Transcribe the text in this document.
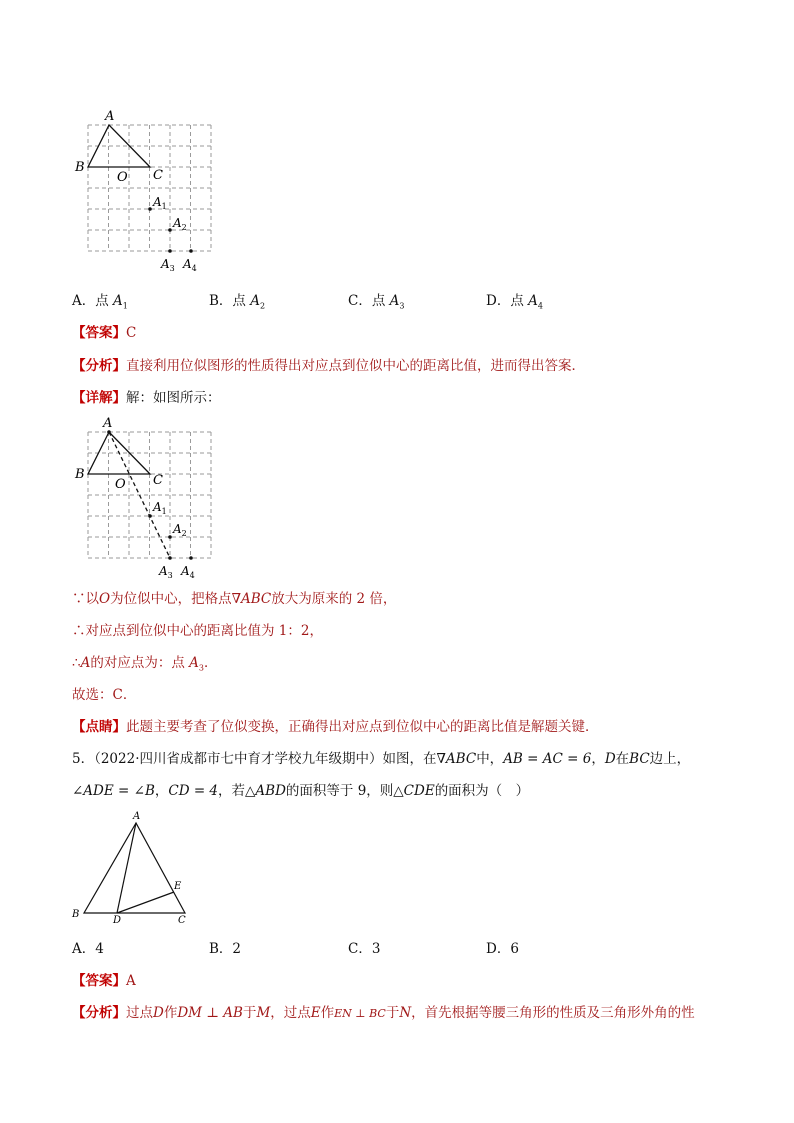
A
B
O C
$A_1$
$A_2$
$A_3$ $A_4$
A．点 $A_1$	B．点 $A_2$	C．点 $A_3$	D．点 $A_4$
【答案】C
【分析】直接利用位似图形的性质得出对应点到位似中心的距离比值，进而得出答案．
【详解】解：如图所示：
A
B
O C
$A_1$
$A_2$
$A_3$ $A_4$
∵以O为位似中心，把格点∇ABC放大为原来的 2 倍，
∴对应点到位似中心的距离比值为 1：2，
∴A的对应点为：点 $A_3$．
故选：C．
【点睛】此题主要考查了位似变换，正确得出对应点到位似中心的距离比值是解题关键．
5．（2022·四川省成都市七中育才学校九年级期中）如图，在∇ABC中，AB = AC = 6，D在BC边上，
∠ADE = ∠B，CD = 4，若△ABD的面积等于 9，则△CDE的面积为（　）
A
B
C
D
E
A．4	B．2	C．3	D．6
【答案】A
【分析】过点D作DM ⊥ AB于M，过点E作EN ⊥ BC于N，首先根据等腰三角形的性质及三角形外角的性
